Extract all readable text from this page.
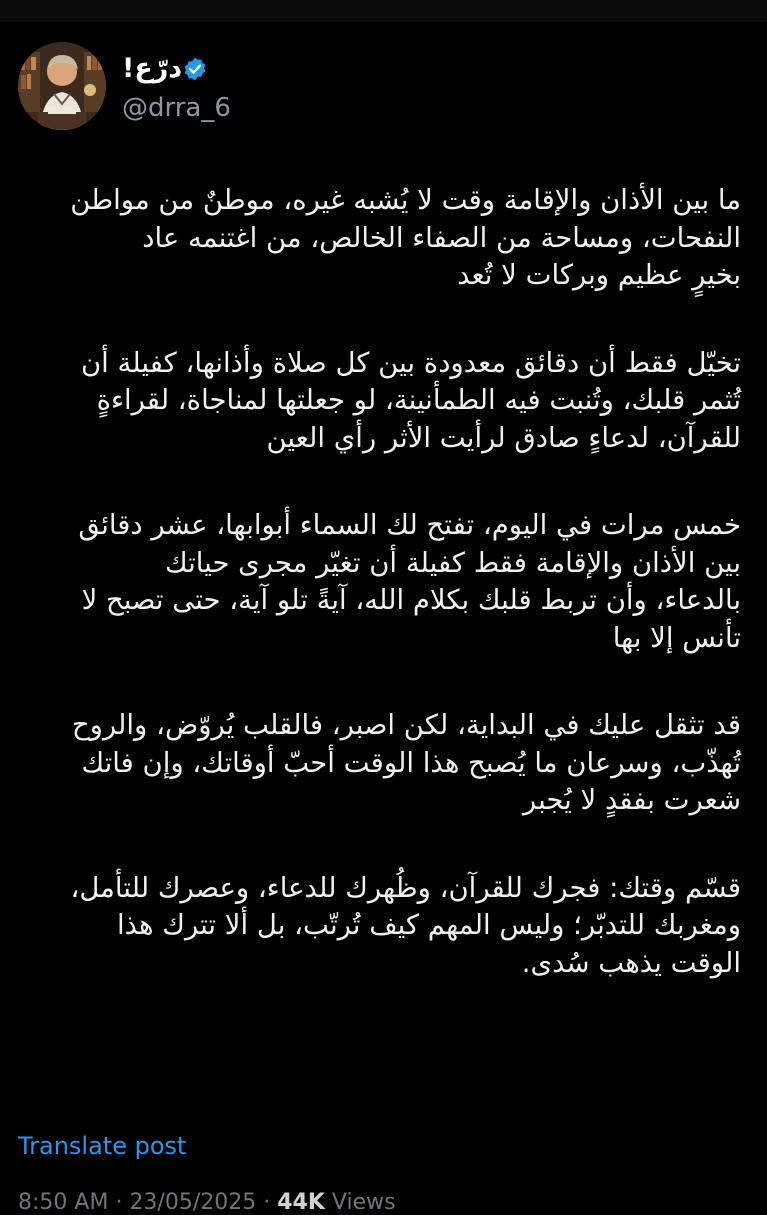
درّع!
@drra_6

ما بين الأذان والإقامة وقت لا يُشبه غيره، موطنٌ من مواطن
النفحات، ومساحة من الصفاء الخالص، من اغتنمه عاد
بخيرٍ عظيم وبركات لا تُعد

تخيّل فقط أن دقائق معدودة بين كل صلاة وأذانها، كفيلة أن
تُثمر قلبك، وتُنبت فيه الطمأنينة، لو جعلتها لمناجاة، لقراءةٍ
للقرآن، لدعاءٍ صادق لرأيت الأثر رأي العين

خمس مرات في اليوم، تفتح لك السماء أبوابها، عشر دقائق
بين الأذان والإقامة فقط كفيلة أن تغيّر مجرى حياتك
بالدعاء، وأن تربط قلبك بكلام الله، آيةً تلو آية، حتى تصبح لا
تأنس إلا بها

قد تثقل عليك في البداية، لكن اصبر، فالقلب يُروّض، والروح
تُهذّب، وسرعان ما يُصبح هذا الوقت أحبّ أوقاتك، وإن فاتك
شعرت بفقدٍ لا يُجبر

قسّم وقتك: فجرك للقرآن، وظُهرك للدعاء، وعصرك للتأمل،
ومغربك للتدبّر؛ وليس المهم كيف تُرتّب، بل ألا تترك هذا
الوقت يذهب سُدى.

Translate post
8:50 AM · 23/05/2025 · 44K Views
